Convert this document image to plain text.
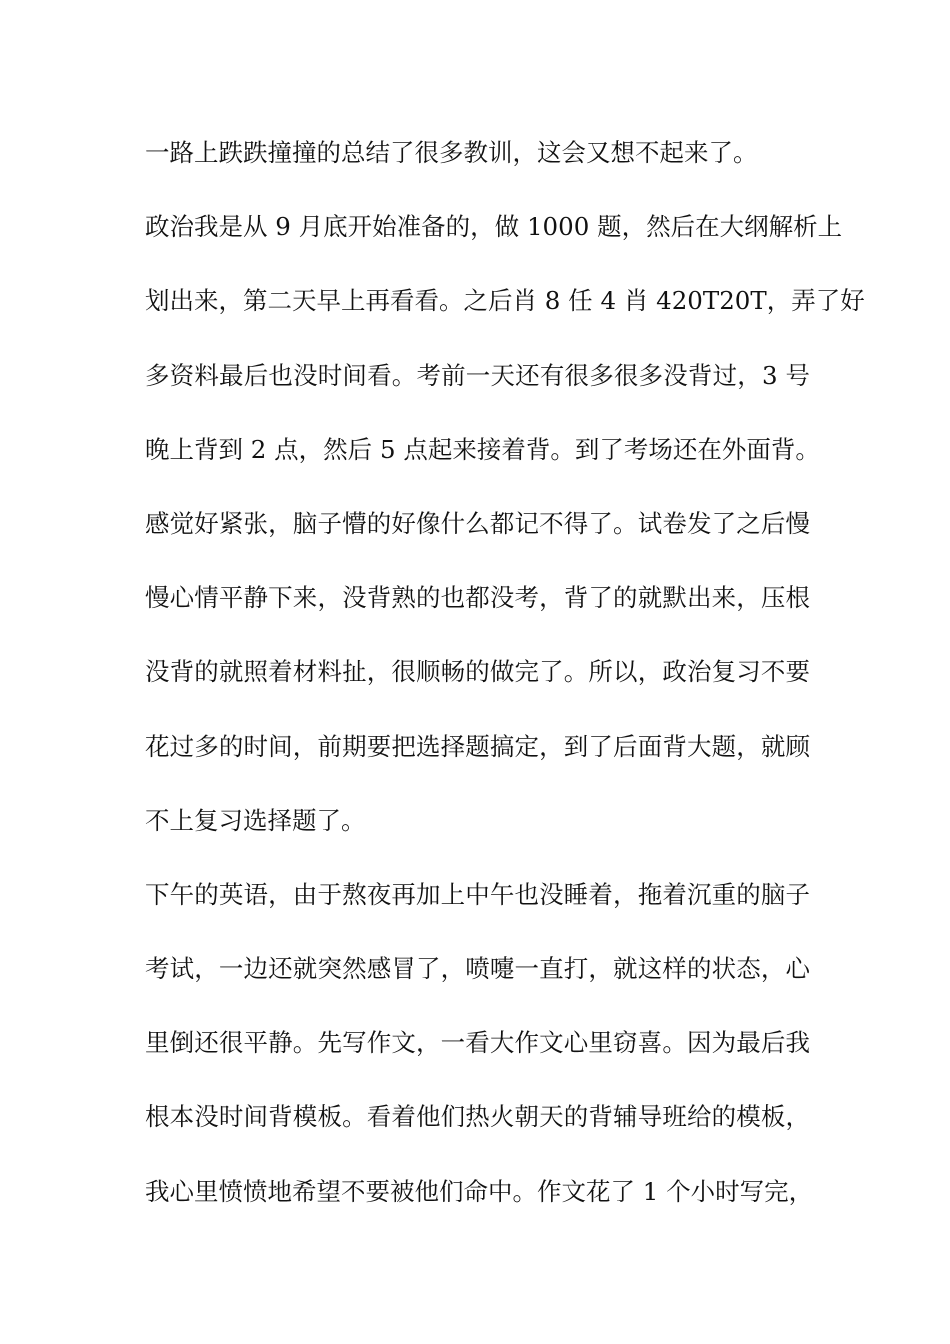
一路上跌跌撞撞的总结了很多教训，这会又想不起来了。
政治我是从 9 月底开始准备的，做 1000 题，然后在大纲解析上
划出来，第二天早上再看看。之后肖 8 任 4 肖 420T20T，弄了好
多资料最后也没时间看。考前一天还有很多很多没背过，3 号
晚上背到 2 点，然后 5 点起来接着背。到了考场还在外面背。
感觉好紧张，脑子懵的好像什么都记不得了。试卷发了之后慢
慢心情平静下来，没背熟的也都没考，背了的就默出来，压根
没背的就照着材料扯，很顺畅的做完了。所以，政治复习不要
花过多的时间，前期要把选择题搞定，到了后面背大题，就顾
不上复习选择题了。
下午的英语，由于熬夜再加上中午也没睡着，拖着沉重的脑子
考试，一边还就突然感冒了，喷嚏一直打，就这样的状态，心
里倒还很平静。先写作文，一看大作文心里窃喜。因为最后我
根本没时间背模板。看着他们热火朝天的背辅导班给的模板，
我心里愤愤地希望不要被他们命中。作文花了 1 个小时写完，
